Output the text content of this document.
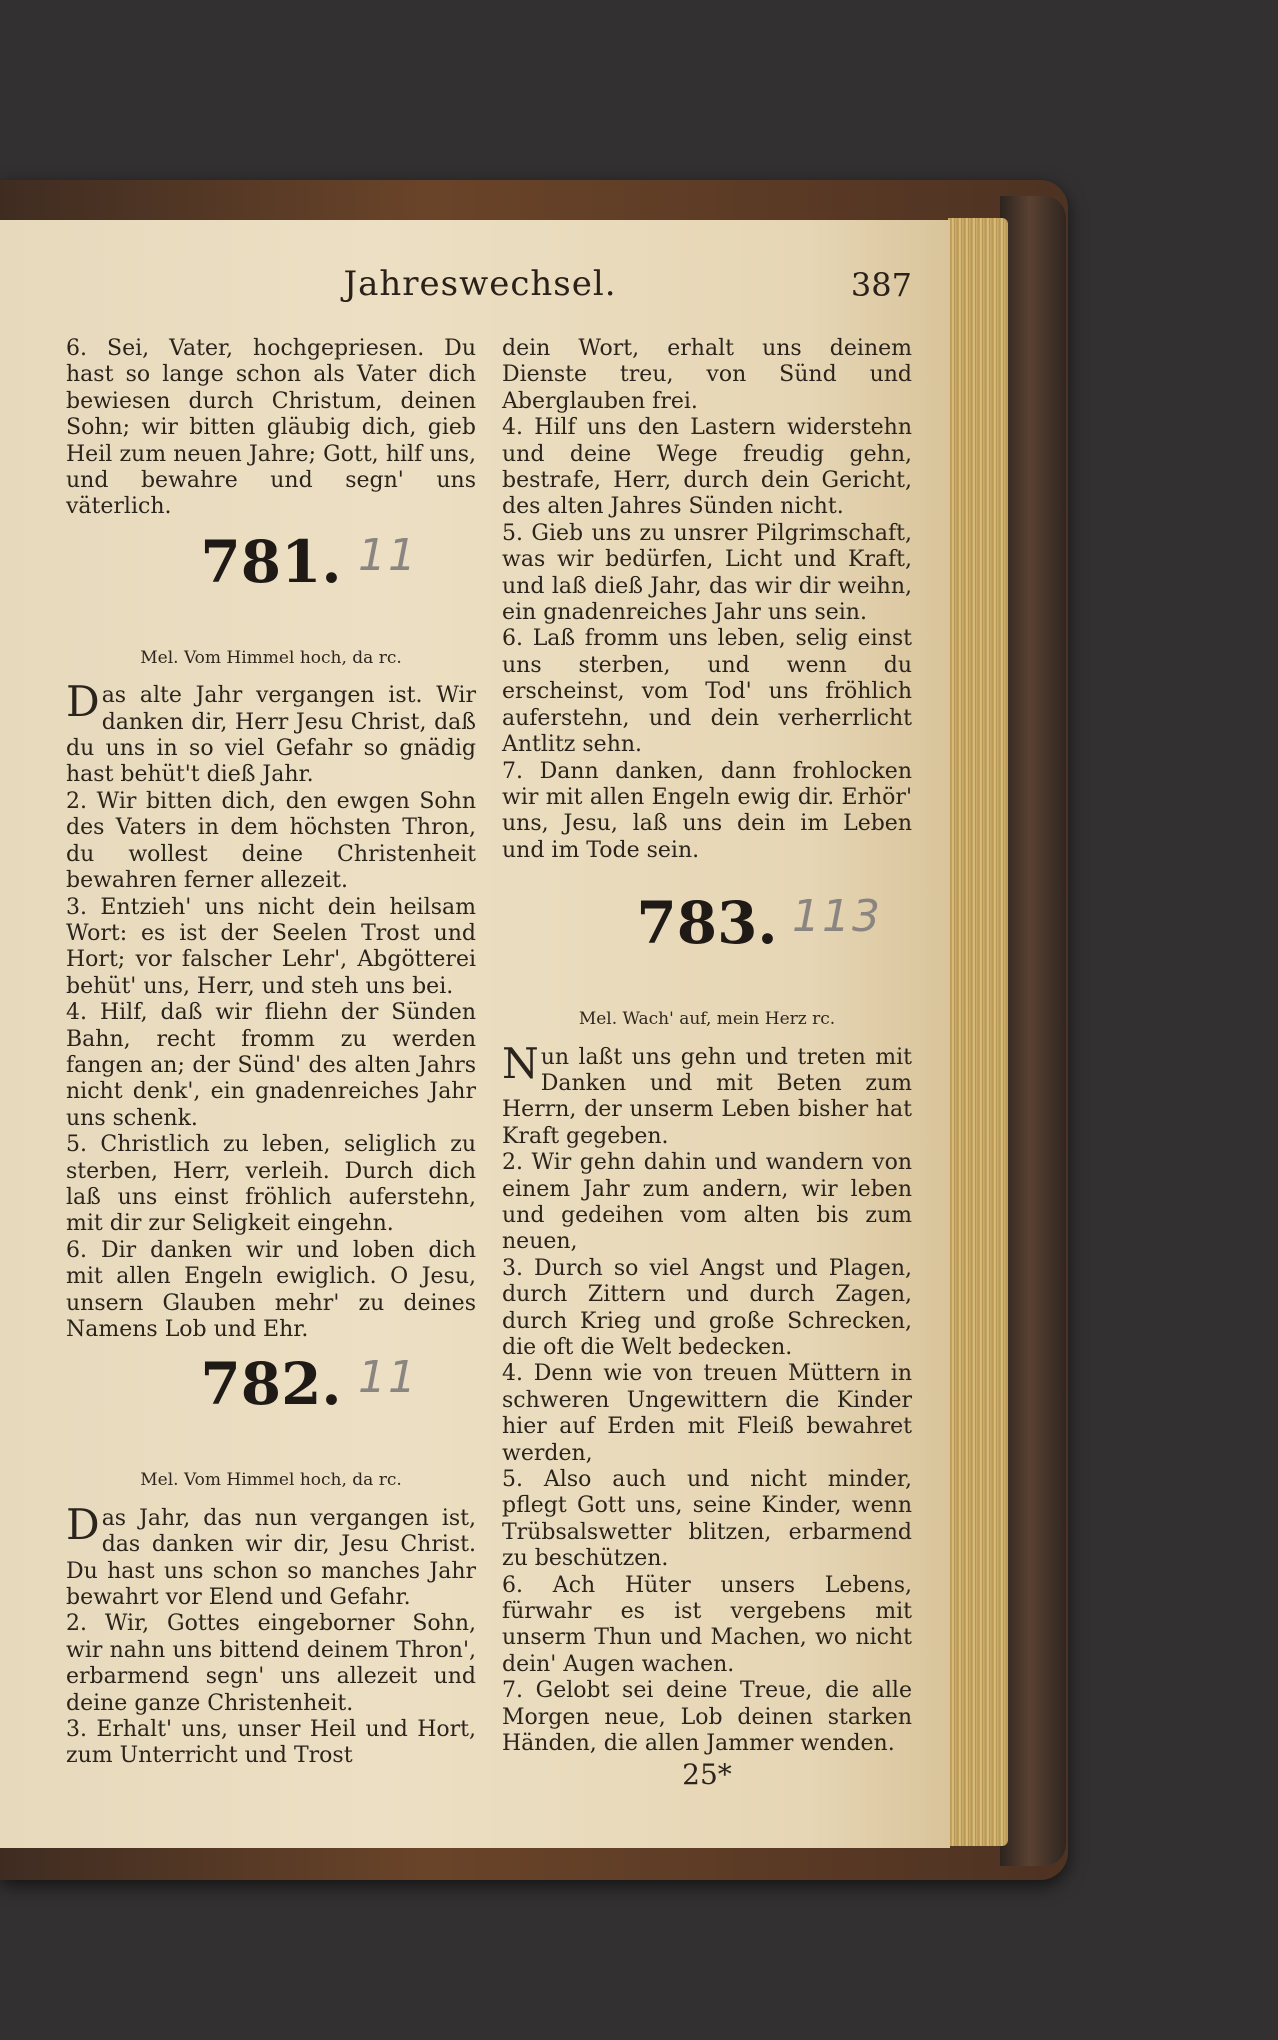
Jahreswechsel.	387

6. Sei, Vater, hochgepriesen. Du hast so lange schon als Vater dich bewiesen durch Christum, deinen Sohn; wir bitten gläubig dich, gieb Heil zum neuen Jahre; Gott, hilf uns, und bewahre und segn' uns väterlich.

781. 11
Mel. Vom Himmel hoch, da rc.

Das alte Jahr vergangen ist. Wir danken dir, Herr Jesu Christ, daß du uns in so viel Gefahr so gnädig hast behüt't dieß Jahr.

2. Wir bitten dich, den ewgen Sohn des Vaters in dem höchsten Thron, du wollest deine Christenheit bewahren ferner allezeit.

3. Entzieh' uns nicht dein heilsam Wort: es ist der Seelen Trost und Hort; vor falscher Lehr', Abgötterei behüt' uns, Herr, und steh uns bei.

4. Hilf, daß wir fliehn der Sünden Bahn, recht fromm zu werden fangen an; der Sünd' des alten Jahrs nicht denk', ein gnadenreiches Jahr uns schenk.

5. Christlich zu leben, seliglich zu sterben, Herr, verleih. Durch dich laß uns einst fröhlich auferstehn, mit dir zur Seligkeit eingehn.

6. Dir danken wir und loben dich mit allen Engeln ewiglich. O Jesu, unsern Glauben mehr' zu deines Namens Lob und Ehr.

782. 11
Mel. Vom Himmel hoch, da rc.

Das Jahr, das nun vergangen ist, das danken wir dir, Jesu Christ. Du hast uns schon so manches Jahr bewahrt vor Elend und Gefahr.

2. Wir, Gottes eingeborner Sohn, wir nahn uns bittend deinem Thron', erbarmend segn' uns allezeit und deine ganze Christenheit.

3. Erhalt' uns, unser Heil und Hort, zum Unterricht und Trost

dein Wort, erhalt uns deinem Dienste treu, von Sünd und Aberglauben frei.

4. Hilf uns den Lastern widerstehn und deine Wege freudig gehn, bestrafe, Herr, durch dein Gericht, des alten Jahres Sünden nicht.

5. Gieb uns zu unsrer Pilgrimschaft, was wir bedürfen, Licht und Kraft, und laß dieß Jahr, das wir dir weihn, ein gnadenreiches Jahr uns sein.

6. Laß fromm uns leben, selig einst uns sterben, und wenn du erscheinst, vom Tod' uns fröhlich auferstehn, und dein verherrlicht Antlitz sehn.

7. Dann danken, dann frohlocken wir mit allen Engeln ewig dir. Erhör' uns, Jesu, laß uns dein im Leben und im Tode sein.

783. 113
Mel. Wach' auf, mein Herz rc.

Nun laßt uns gehn und treten mit Danken und mit Beten zum Herrn, der unserm Leben bisher hat Kraft gegeben.

2. Wir gehn dahin und wandern von einem Jahr zum andern, wir leben und gedeihen vom alten bis zum neuen,

3. Durch so viel Angst und Plagen, durch Zittern und durch Zagen, durch Krieg und große Schrecken, die oft die Welt bedecken.

4. Denn wie von treuen Müttern in schweren Ungewittern die Kinder hier auf Erden mit Fleiß bewahret werden,

5. Also auch und nicht minder, pflegt Gott uns, seine Kinder, wenn Trübsalswetter blitzen, erbarmend zu beschützen.

6. Ach Hüter unsers Lebens, fürwahr es ist vergebens mit unserm Thun und Machen, wo nicht dein' Augen wachen.

7. Gelobt sei deine Treue, die alle Morgen neue, Lob deinen starken Händen, die allen Jammer wenden.

25*
